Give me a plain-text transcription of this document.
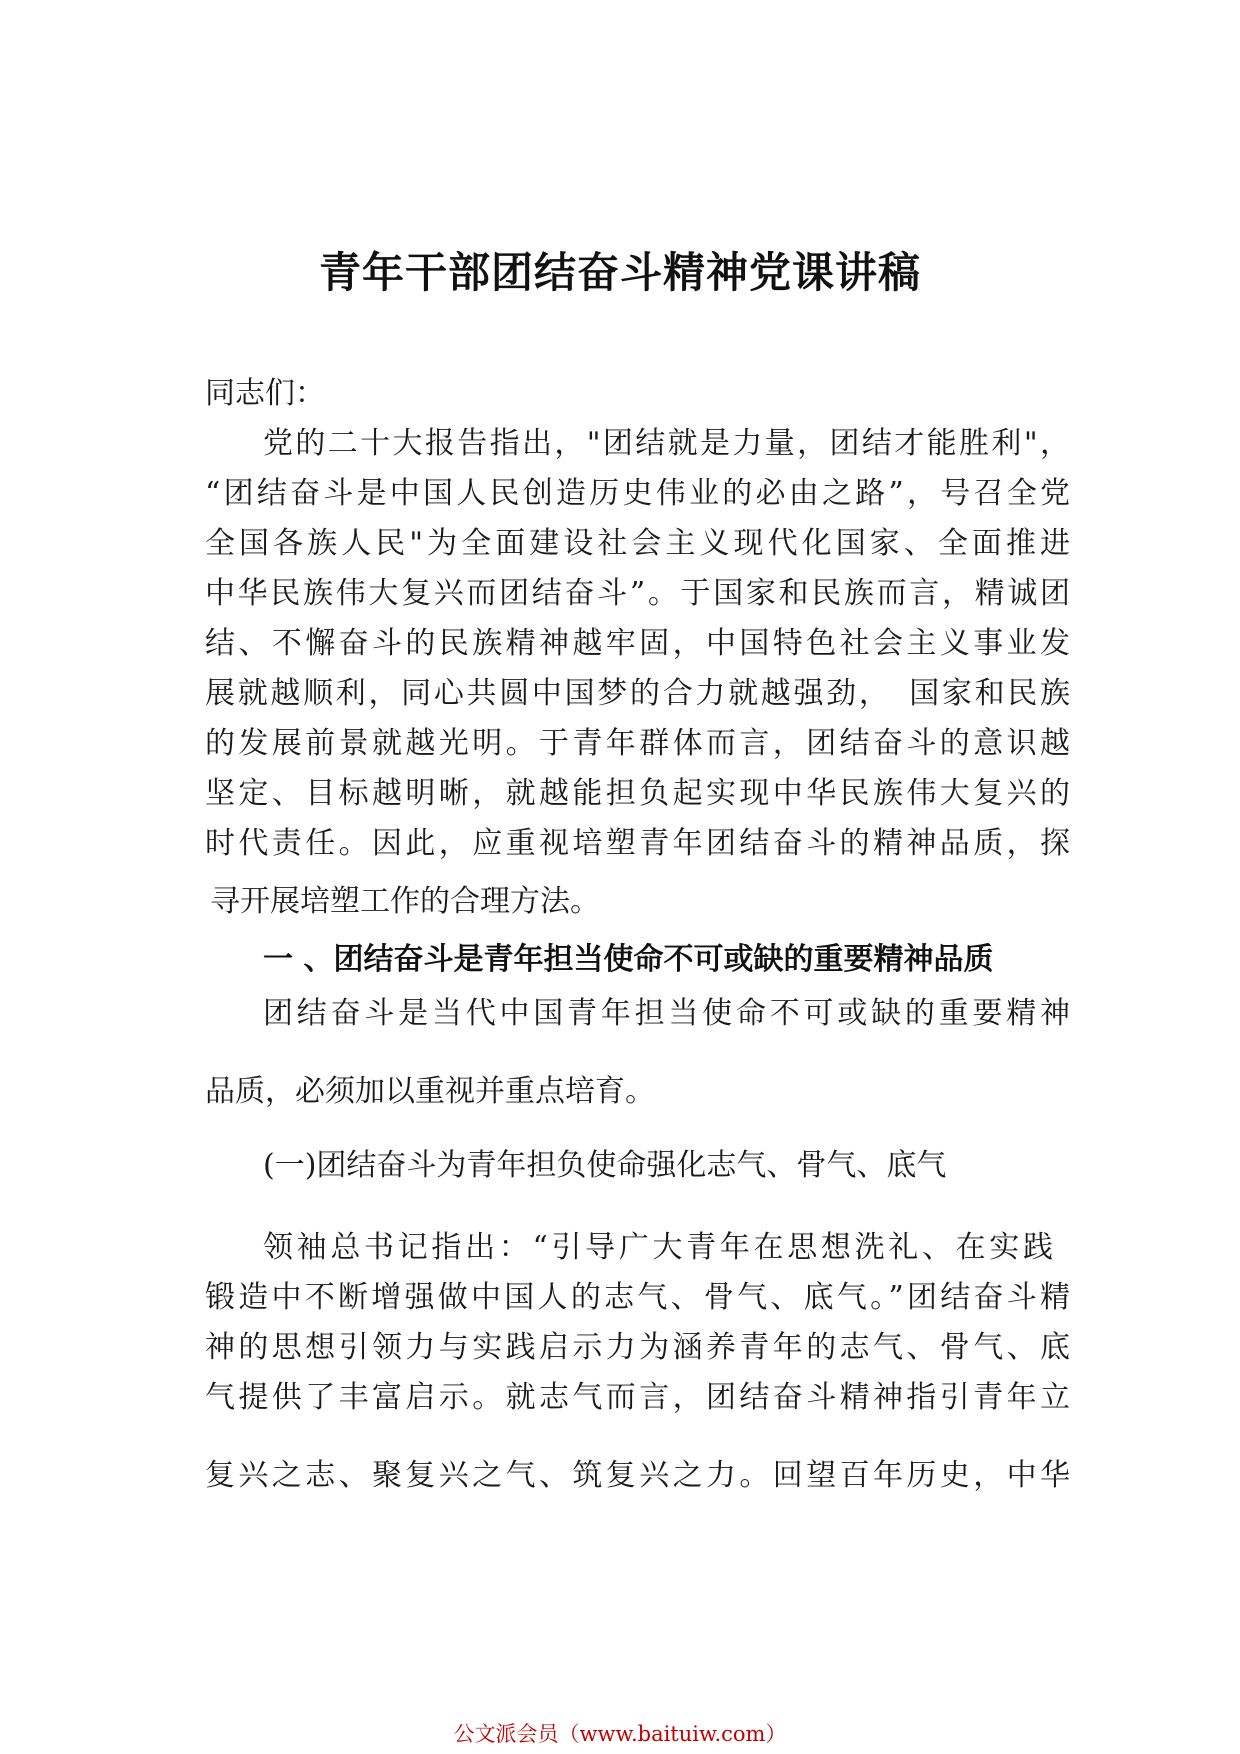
青年干部团结奋斗精神党课讲稿
同志们：
党的二十大报告指出，"团结就是力量，团结才能胜利"，
“团结奋斗是中国人民创造历史伟业的必由之路”，号召全党
全国各族人民"为全面建设社会主义现代化国家、全面推进
中华民族伟大复兴而团结奋斗”。于国家和民族而言，精诚团
结、不懈奋斗的民族精神越牢固，中国特色社会主义事业发
展就越顺利，同心共圆中国梦的合力就越强劲，　国家和民族
的发展前景就越光明。于青年群体而言，团结奋斗的意识越
坚定、目标越明晰，就越能担负起实现中华民族伟大复兴的
时代责任。因此，应重视培塑青年团结奋斗的精神品质，探
寻开展培塑工作的合理方法。
一 、团结奋斗是青年担当使命不可或缺的重要精神品质
团结奋斗是当代中国青年担当使命不可或缺的重要精神
品质，必须加以重视并重点培育。
(一)团结奋斗为青年担负使命强化志气、骨气、底气
领袖总书记指出：“引导广大青年在思想洗礼、在实践
锻造中不断增强做中国人的志气、骨气、底气。”团结奋斗精
神的思想引领力与实践启示力为涵养青年的志气、骨气、底
气提供了丰富启示。就志气而言，团结奋斗精神指引青年立
复兴之志、聚复兴之气、筑复兴之力。回望百年历史，中华
公文派会员（www.baituiw.com）
